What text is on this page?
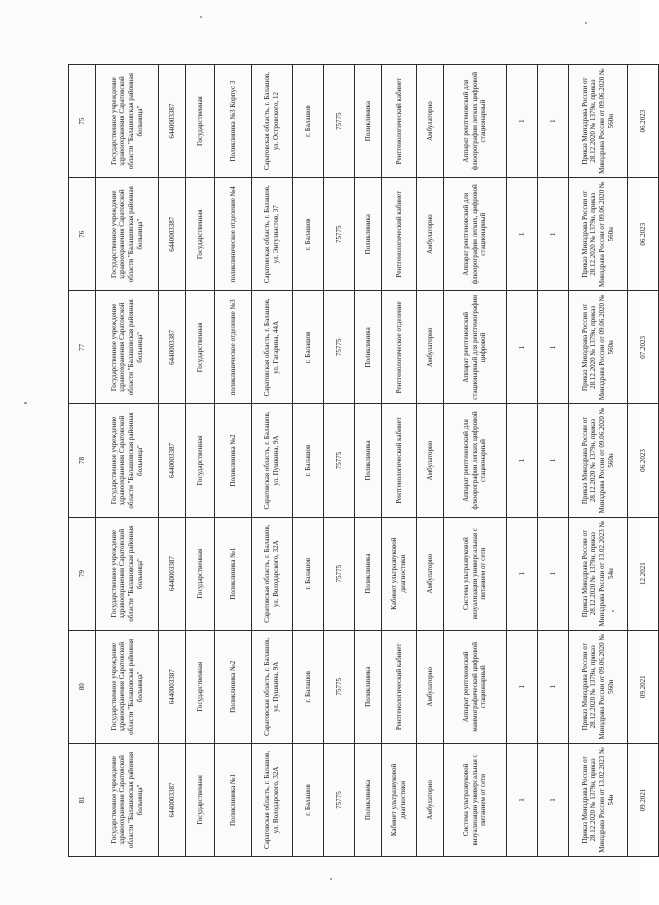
81	80	79	78	77	76	75
Государственное учреждение здравоохранения Саратовской области "Балашовская районная больница"	Государственное учреждение здравоохранения Саратовской области "Балашовская районная больница"	Государственное учреждение здравоохранения Саратовской области "Балашовская районная больница"	Государственное учреждение здравоохранения Саратовской области "Балашовская районная больница"	Государственное учреждение здравоохранения Саратовской области "Балашовская районная больница"	Государственное учреждение здравоохранения Саратовской области "Балашовская районная больница"	Государственное учреждение здравоохранения Саратовской области "Балашовская районная больница"
6440003387	6440003387	6440003387	6440003387	6440003387	6440003387	6440003387
Государственная	Государственная	Государственная	Государственная	Государственная	Государственная	Государственная
Поликлиника №1	Поликлиника №2	Поликлиника №1	Поликлиника №2	поликлиническое отделение №3	поликлиническое отделение №4	Поликлиника №3 Корпус 3
Саратовская область, г. Балашов, ул. Володарского, 32А	Саратовская область, г. Балашов, ул. Пушкина, 9А	Саратовская область, г. Балашов, ул. Володарского, 32А	Саратовская область, г. Балашов, ул. Пушкина, 9А	Саратовская область, г. Балашов, ул. Гагарина, 44А	Саратовская область, г. Балашов, ул. Энтузиастов, 37	Саратовская область, г. Балашов, ул. Островского, 12
г. Балашов	г. Балашов	г. Балашов	г. Балашов	г. Балашов	г. Балашов	г. Балашов
75775	75775	75775	75775	75775	75775	75775
Поликлиника	Поликлиника	Поликлиника	Поликлиника	Поликлиника	Поликлиника	Поликлиника
Кабинет ультразвуковой диагностики	Рентгенологический кабинет	Кабинет ультразвуковой диагностики	Рентгенологический кабинет	Рентгенологическое отделение	Рентгенологический кабинет	Рентгенологический кабинет
Амбулаторно	Амбулаторно	Амбулаторно	Амбулаторно	Амбулаторно	Амбулаторно	Амбулаторно
Система ультразвуковой визуализации универсальная с питанием от сети	Аппарат рентгеновский маммографический цифровой стационарный	Система ультразвуковой визуализации универсальная с питанием от сети	Аппарат рентгеновский для флюорографии легких цифровой стационарный	Аппарат рентгеновский стационарный для рентгенографии цифровой	Аппарат рентгеновский для флюорографии легких, цифровой стационарный	Аппарат рентгеновский для флюорографии легких цифровой стационарный
1	1	1	1	1	1	1
1	1	1	1	1	1	1
Приказ Минздрава России от 28.12.2020 № 1379н, приказ Минздрава России от 13.02.2023 № 54н	Приказ Минздрава России от 28.12.2020 № 1379н, приказ Минздрава России от 09.06.2020 № 560н	Приказ Минздрава России от 28.12.2020 № 1379н, приказ Минздрава России от 13.02.2023 № 54н	Приказ Минздрава России от 28.12.2020 № 1379н, приказ Минздрава России от 09.06.2020 № 560н	Приказ Минздрава России от 28.12.2020 № 1379н, приказ Минздрава России от 09.06.2020 № 560н	Приказ Минздрава России от 28.12.2020 № 1379н, приказ Минздрава России от 09.06.2020 № 560н	Приказ Минздрава России от 28.12.2020 № 1379н, приказ Минздрава России от 09.06.2020 № 560н
09.2021	09.2021	12.2021	06.2023	07.2023	06.2023	06.2023
